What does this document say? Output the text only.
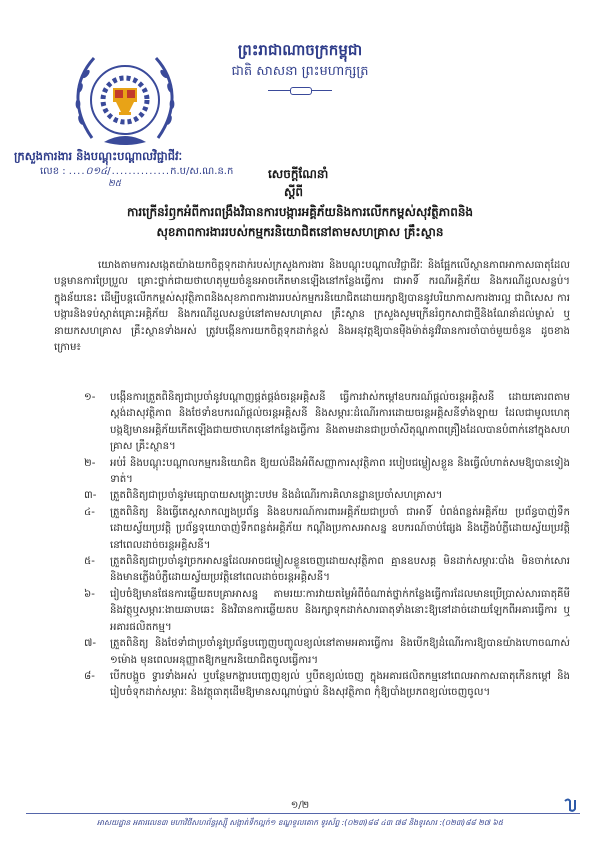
ព្រះរាជាណាចក្រកម្ពុជា
ជាតិ សាសនា ព្រះមហាក្សត្រ
ក្រសួងការងារ និងបណ្តុះបណ្តាលវិជ្ជាជីវៈ
លេខ : ....០១៤/..............ក.ប/ស.ណ.ន.ក
២៥
សេចក្តីណែនាំ
ស្តីពី
ការក្រើនរំឭកអំពីការពង្រឹងវិធានការបង្ការអគ្គិភ័យនិងការលើកកម្ពស់សុវត្ថិភាពនិង
សុខភាពការងាររបស់កម្មករនិយោជិតនៅតាមសហគ្រាស គ្រឹះស្ថាន
យោងតាមការសង្កេតយ៉ាងយកចិត្តទុកដាក់របស់ក្រសួងការងារ និងបណ្តុះបណ្តាលវិជ្ជាជីវៈ និងផ្អែកលើស្ថានភាពអាកាសធាតុដែលបន្តមានការប្រែប្រួល គ្រោះថ្នាក់ជាយថាហេតុមួយចំនួនអាចកើតមានឡើងនៅកន្លែងធ្វើការ ជាអាទិ៍ ករណីអគ្គិភ័យ និងករណីដួលសន្លប់។ ក្នុងន័យនេះ ដើម្បីបន្តលើកកម្ពស់សុវត្ថិភាពនិងសុខភាពការងាររបស់កម្មករនិយោជិតដោយរក្សាឱ្យបាននូវបរិយាកាសការងារល្អ ជាពិសេស ការបង្ការនិងទប់ស្កាត់គ្រោះអគ្គិភ័យ និងករណីដួលសន្លប់នៅតាមសហគ្រាស គ្រឹះស្ថាន ក្រសួងសូមក្រើនរំឭកសាជាថ្មីនិងណែនាំដល់ម្ចាស់ ឬនាយកសហគ្រាស គ្រឹះស្ថានទាំងអស់ ត្រូវបង្កើនការយកចិត្តទុកដាក់ខ្ពស់ និងអនុវត្តឱ្យបានម៉ឺងម៉ាត់នូវវិធានការចាំបាច់មួយចំនួន ដូចខាងក្រោម៖
១-	បង្កើនការត្រួតពិនិត្យជាប្រចាំនូវបណ្តាញផ្គត់ផ្គង់ចរន្តអគ្គិសនី ធ្វើការវាស់កម្តៅឧបករណ៍ផ្តល់ចរន្តអគ្គិសនី ដោយគោរពតាមស្តង់ដាសុវត្ថិភាព និងថែទាំឧបករណ៍ផ្តល់ចរន្តអគ្គិសនី និងសម្ភារៈដំណើរការដោយចរន្តអគ្គិសនីទាំងឡាយ ដែលជាមូលហេតុបង្កឱ្យមានអគ្គិភ័យកើតឡើងជាយថាហេតុនៅកន្លែងធ្វើការ និងតាមដានជាប្រចាំសីតុណ្ហភាពគ្រឿងដែលបានបំពាក់នៅក្នុងសហគ្រាស គ្រឹះស្ថាន។
២-	អប់រំ និងបណ្តុះបណ្តាលកម្មករនិយោជិត ឱ្យយល់ដឹងអំពីសញ្ញាការសុវត្ថិភាព របៀបជម្លៀសខ្លួន និងធ្វើលំហាត់សមឱ្យបានទៀងទាត់។
៣-	ត្រួតពិនិត្យជាប្រចាំនូវមធ្យោបាយសង្គ្រោះបឋម និងដំណើរការគិលានដ្ឋានប្រចាំសហគ្រាស។
៤-	ត្រួតពិនិត្យ និងធ្វើតេស្តសាកល្បងប្រព័ន្ធ និងឧបករណ៍ការពារអគ្គិភ័យជាប្រចាំ ជាអាទិ៍ បំពង់ពន្លត់អគ្គិភ័យ ប្រព័ន្ធបាញ់ទឹកដោយស្វ័យប្រវត្តិ ប្រព័ន្ធទុយោបាញ់ទឹកពន្លត់អគ្គិភ័យ កណ្តឹងប្រកាសអាសន្ន ឧបករណ៍ចាប់ផ្សែង និងភ្លើងបំភ្លឺដោយស្វ័យប្រវត្តិនៅពេលដាច់ចរន្តអគ្គិសនី។
៥-	ត្រួតពិនិត្យជាប្រចាំនូវច្រកអាសន្នដែលអាចជម្លៀសខ្លួនចេញដោយសុវត្ថិភាព គ្មានឧបសគ្គ មិនដាក់សម្ភារៈបាំង មិនចាក់សោរ និងមានភ្លើងបំភ្លឺដោយស្វ័យប្រវត្តិនៅពេលដាច់ចរន្តអគ្គិសនី។
៦-	រៀបចំឱ្យមានផែនការឆ្លើយតបគ្រាអាសន្ន តាមរយៈការវាយតម្លៃអំពីចំណាត់ថ្នាក់កន្លែងធ្វើការដែលមានប្រើប្រាស់សារធាតុគីមី និងវត្ថុឬសម្ភារៈងាយឆាបឆេះ និងវិធានការឆ្លើយតប និងរក្សាទុកដាក់សារធាតុទាំងនោះឱ្យនៅដាច់ដោយឡែកពីអគារធ្វើការ ឬអគារផលិតកម្ម។
៧-	ត្រួតពិនិត្យ និងថែទាំជាប្រចាំនូវប្រព័ន្ធបញ្ចេញបញ្ចូលខ្យល់នៅតាមអគារធ្វើការ និងបើកឱ្យដំណើរការឱ្យបានយ៉ាងហោចណាស់ ១ម៉ោង មុនពេលអនុញ្ញាតឱ្យកម្មករនិយោជិតចូលធ្វើការ។
៨-	បើកបង្អួច ទ្វារទាំងអស់ ឬបន្ថែមកង្ហារបញ្ចេញខ្យល់ ឬបឺតខ្យល់ចេញ ក្នុងអគារផលិតកម្មនៅពេលអាកាសធាតុកើនកម្តៅ និងរៀបចំទុកដាក់សម្ភារៈ និងវត្ថុធាតុដើមឱ្យមានសណ្តាប់ធ្នាប់ និងសុវត្ថិភាព កុំឱ្យបាំងប្រភពខ្យល់ចេញចូល។
១/២
អាសយដ្ឋាន អគារលេខ៣ មហាវិថីសហព័ន្ធរុស្ស៊ី សង្កាត់ទឹកល្អក់១ ខណ្ឌទួលគោក ទូរស័ព្ទ :(០២៣)៨៨ ៤៣ ៧៨ និងទូរសារ :(០២៣)៨៨ ២៧ ៦៥
